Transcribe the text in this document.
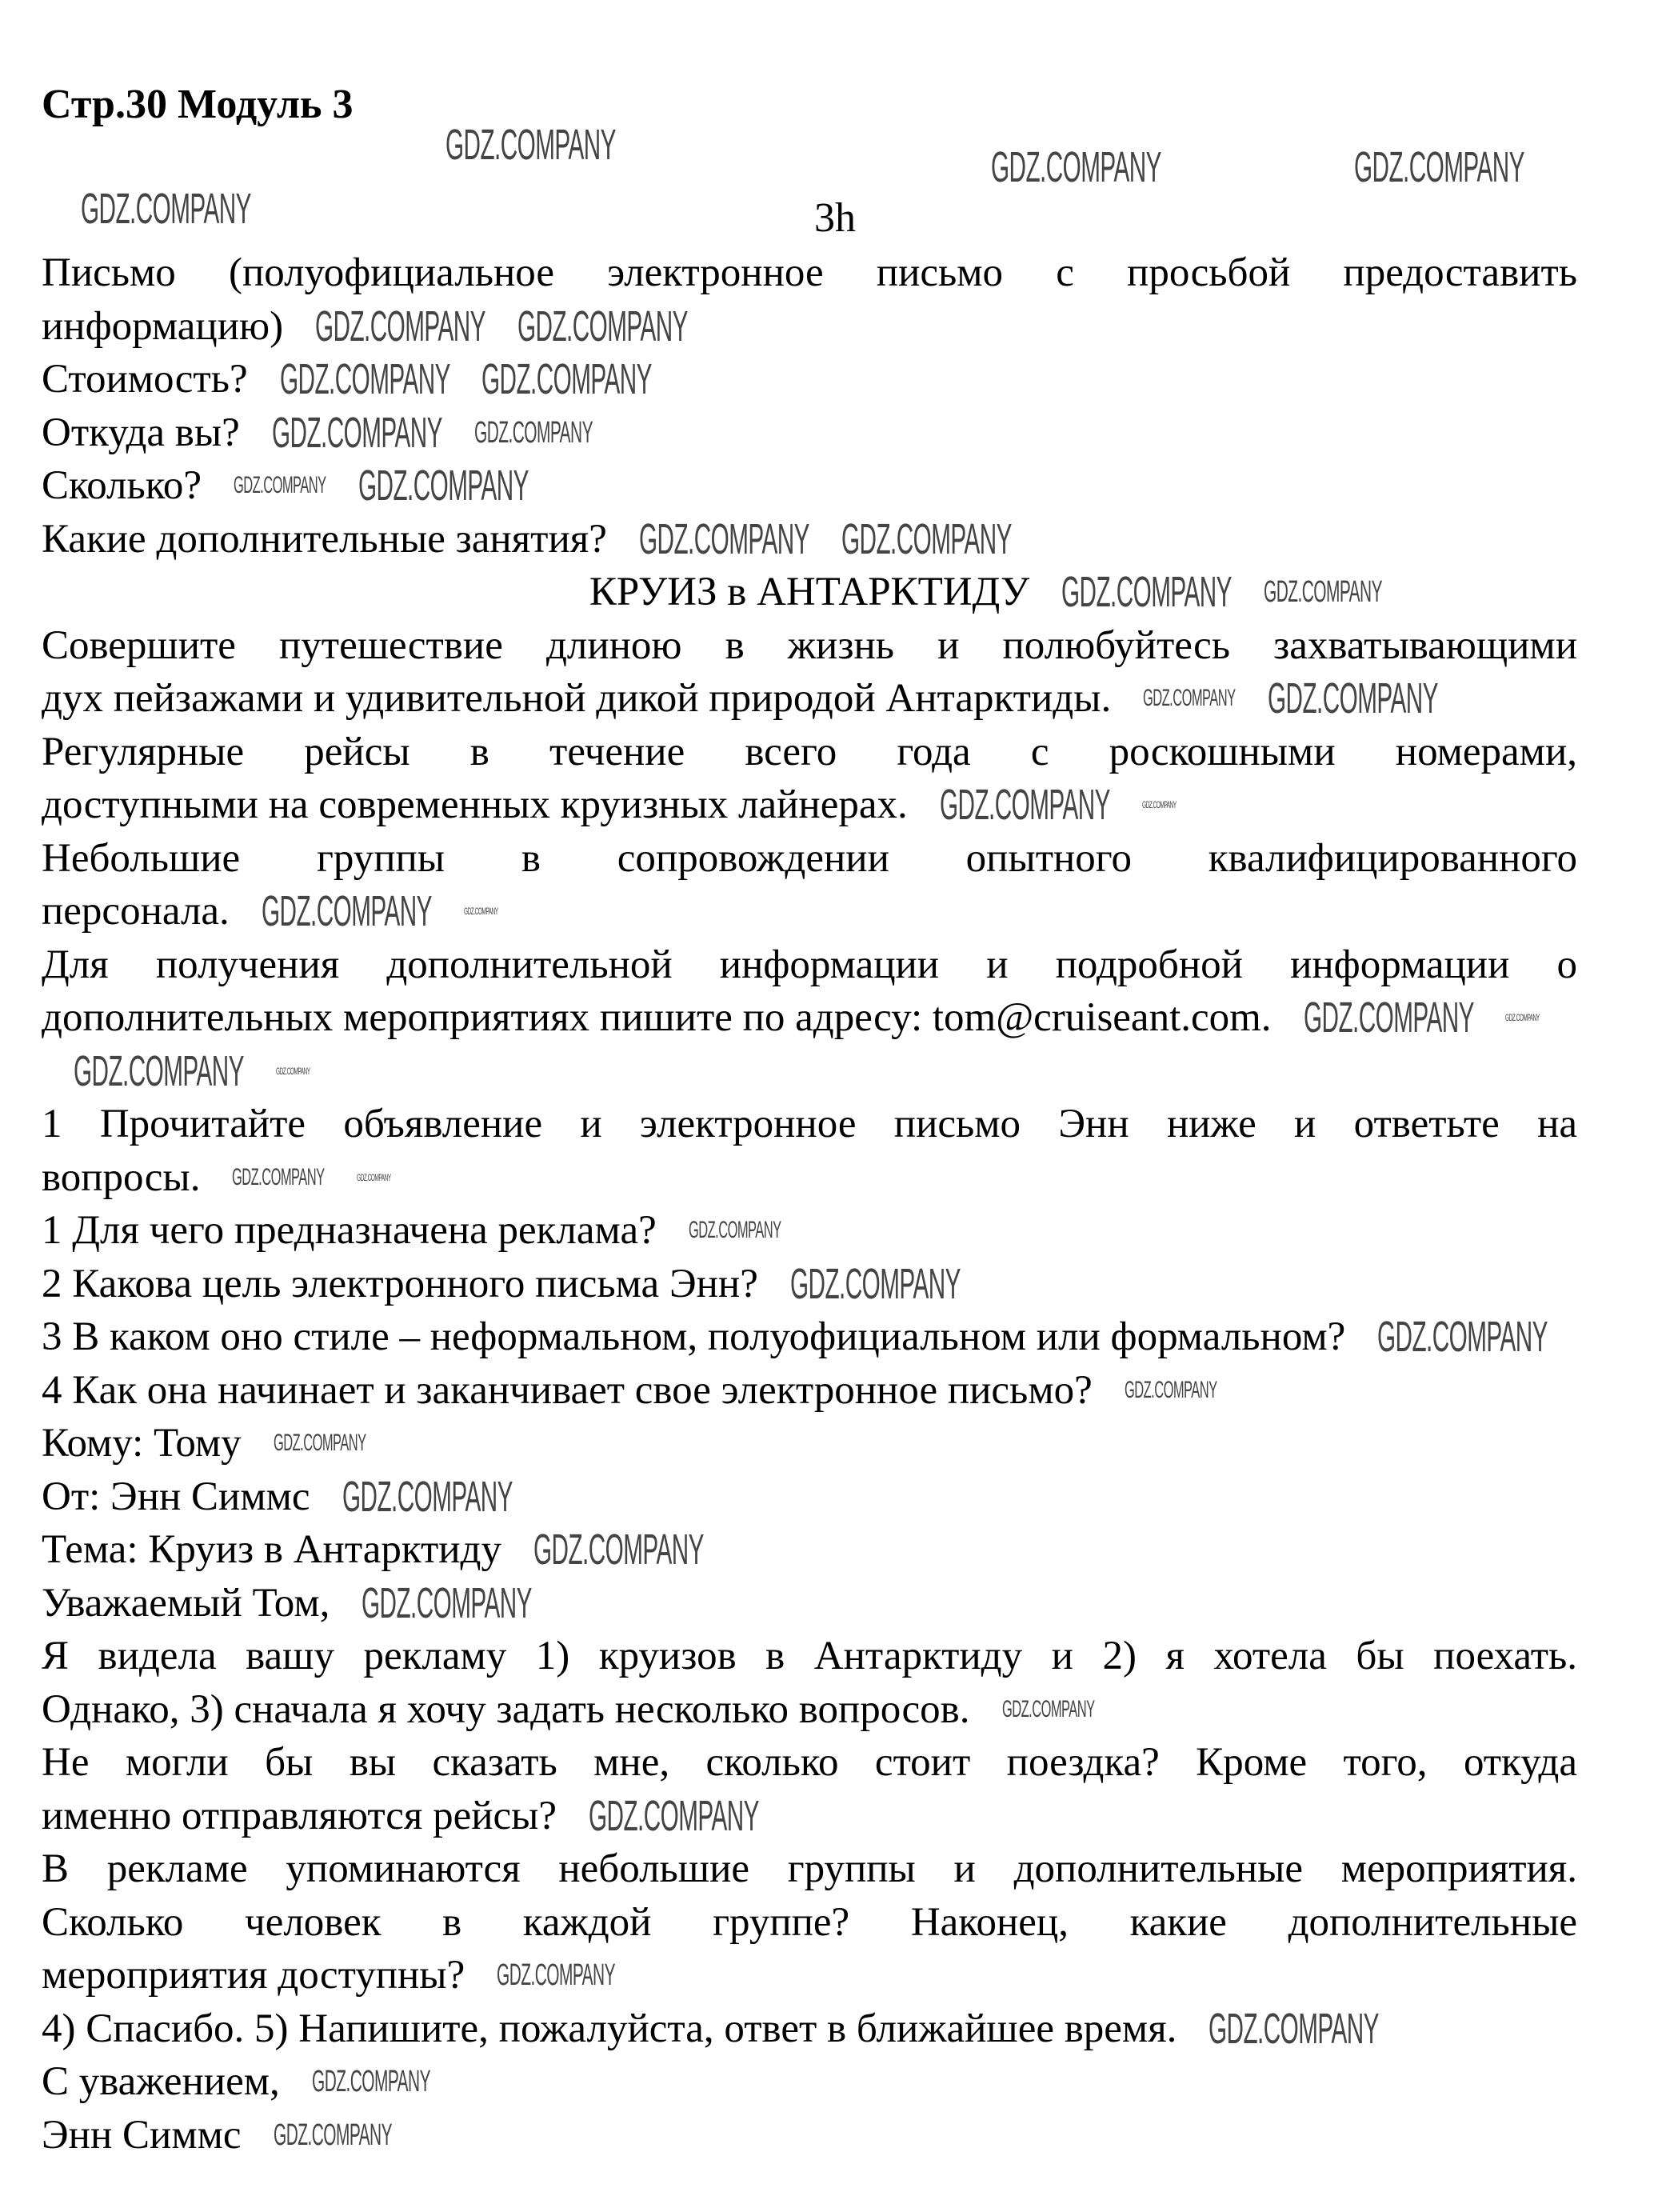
Стр.30 Модуль 3
3h
Письмо (полуофициальное электронное письмо с просьбой предоставить
информацию)
Стоимость?
Откуда вы?
Сколько?
Какие дополнительные занятия?
КРУИЗ в АНТАРКТИДУ
Совершите путешествие длиною в жизнь и полюбуйтесь захватывающими
дух пейзажами и удивительной дикой природой Антарктиды.
Регулярные рейсы в течение всего года с роскошными номерами,
доступными на современных круизных лайнерах.
Небольшие группы в сопровождении опытного квалифицированного
персонала.
Для получения дополнительной информации и подробной информации о
дополнительных мероприятиях пишите по адресу: tom@cruiseant.com.
1 Прочитайте объявление и электронное письмо Энн ниже и ответьте на
вопросы.
1 Для чего предназначена реклама?
2 Какова цель электронного письма Энн?
3 В каком оно стиле – неформальном, полуофициальном или формальном?
4 Как она начинает и заканчивает свое электронное письмо?
Кому: Тому
От: Энн Симмс
Тема: Круиз в Антарктиду
Уважаемый Том,
Я видела вашу рекламу 1) круизов в Антарктиду и 2) я хотела бы поехать.
Однако, 3) сначала я хочу задать несколько вопросов.
Не могли бы вы сказать мне, сколько стоит поездка? Кроме того, откуда
именно отправляются рейсы?
В рекламе упоминаются небольшие группы и дополнительные мероприятия.
Сколько человек в каждой группе? Наконец, какие дополнительные
мероприятия доступны?
4) Спасибо. 5) Напишите, пожалуйста, ответ в ближайшее время.
С уважением,
Энн Симмс
GDZ.COMPANY	GDZ.COMPANY	GDZ.COMPANY
GDZ.COMPANY
GDZ.COMPANY
GDZ.COMPANY
GDZ.COMPANY
GDZ.COMPANY
GDZ.COMPANY
GDZ.COMPANY
GDZ.COMPANY
GDZ.COMPANY
GDZ.COMPANY
GDZ.COMPANY
GDZ.COMPANY
GDZ.COMPANY
GDZ.COMPANY
GDZ.COMPANY
GDZ.COMPANY
GDZ.COMPANY
GDZ.COMPANY
GDZ.COMPANY
GDZ.COMPANY
GDZ.COMPANY
GDZ.COMPANY
GDZ.COMPANY
GDZ.COMPANY
GDZ.COMPANY
GDZ.COMPANY
GDZ.COMPANY
GDZ.COMPANY
GDZ.COMPANY
GDZ.COMPANY
GDZ.COMPANY
GDZ.COMPANY
GDZ.COMPANY
GDZ.COMPANY
GDZ.COMPANY
GDZ.COMPANY
GDZ.COMPANY
GDZ.COMPANY
GDZ.COMPANY
